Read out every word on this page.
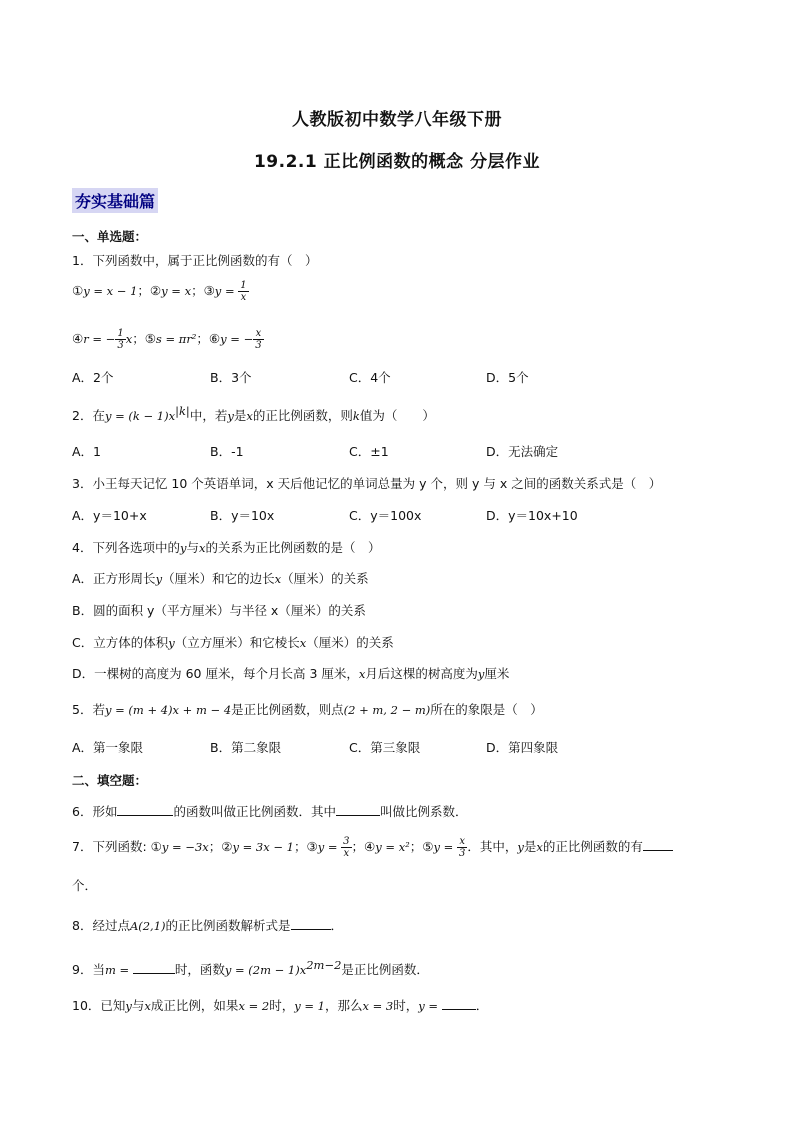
人教版初中数学八年级下册
19.2.1 正比例函数的概念 分层作业
夯实基础篇
一、单选题：
1．下列函数中，属于正比例函数的有（　）
①y = x − 1；②y = x；③y = $\frac{1}{x}$
④r = − $\frac{1}{3}$ x；⑤s = πr²；⑥y = − $\frac{x}{3}$
A．2个	B．3个	C．4个	D．5个
2．在$y = (k - 1)x^{|k|}$中，若y是x的正比例函数，则k值为（　　）
A．1	B．-1	C．±1	D．无法确定
3．小王每天记忆 10 个英语单词，x 天后他记忆的单词总量为 y 个，则 y 与 x 之间的函数关系式是（　）
A．y＝10+x	B．y＝10x	C．y＝100x	D．y＝10x+10
4．下列各选项中的y与x的关系为正比例函数的是（　）
A．正方形周长y（厘米）和它的边长x（厘米）的关系
B．圆的面积 y（平方厘米）与半径 x（厘米）的关系
C．立方体的体积y（立方厘米）和它棱长x（厘米）的关系
D．一棵树的高度为 60 厘米，每个月长高 3 厘米，x月后这棵的树高度为y厘米
5．若y = (m + 4)x + m − 4是正比例函数，则点(2 + m, 2 − m)所在的象限是（　）
A．第一象限	B．第二象限	C．第三象限	D．第四象限
二、填空题：
6．形如	的函数叫做正比例函数．其中	叫做比例系数．
7．下列函数: ①y = −3x；②y = 3x − 1；③y = $\frac{3}{x}$ ；④y = x²；⑤y = $\frac{x}{3}$ ．其中，y是x的正比例函数的有
个．
8．经过点A(2,1)的正比例函数解析式是	．
9．当m =	时，函数$y = (2m - 1)x^{2m-2}$是正比例函数．
10．已知y与x成正比例，如果x = 2时，y = 1，那么x = 3时，y =	．
